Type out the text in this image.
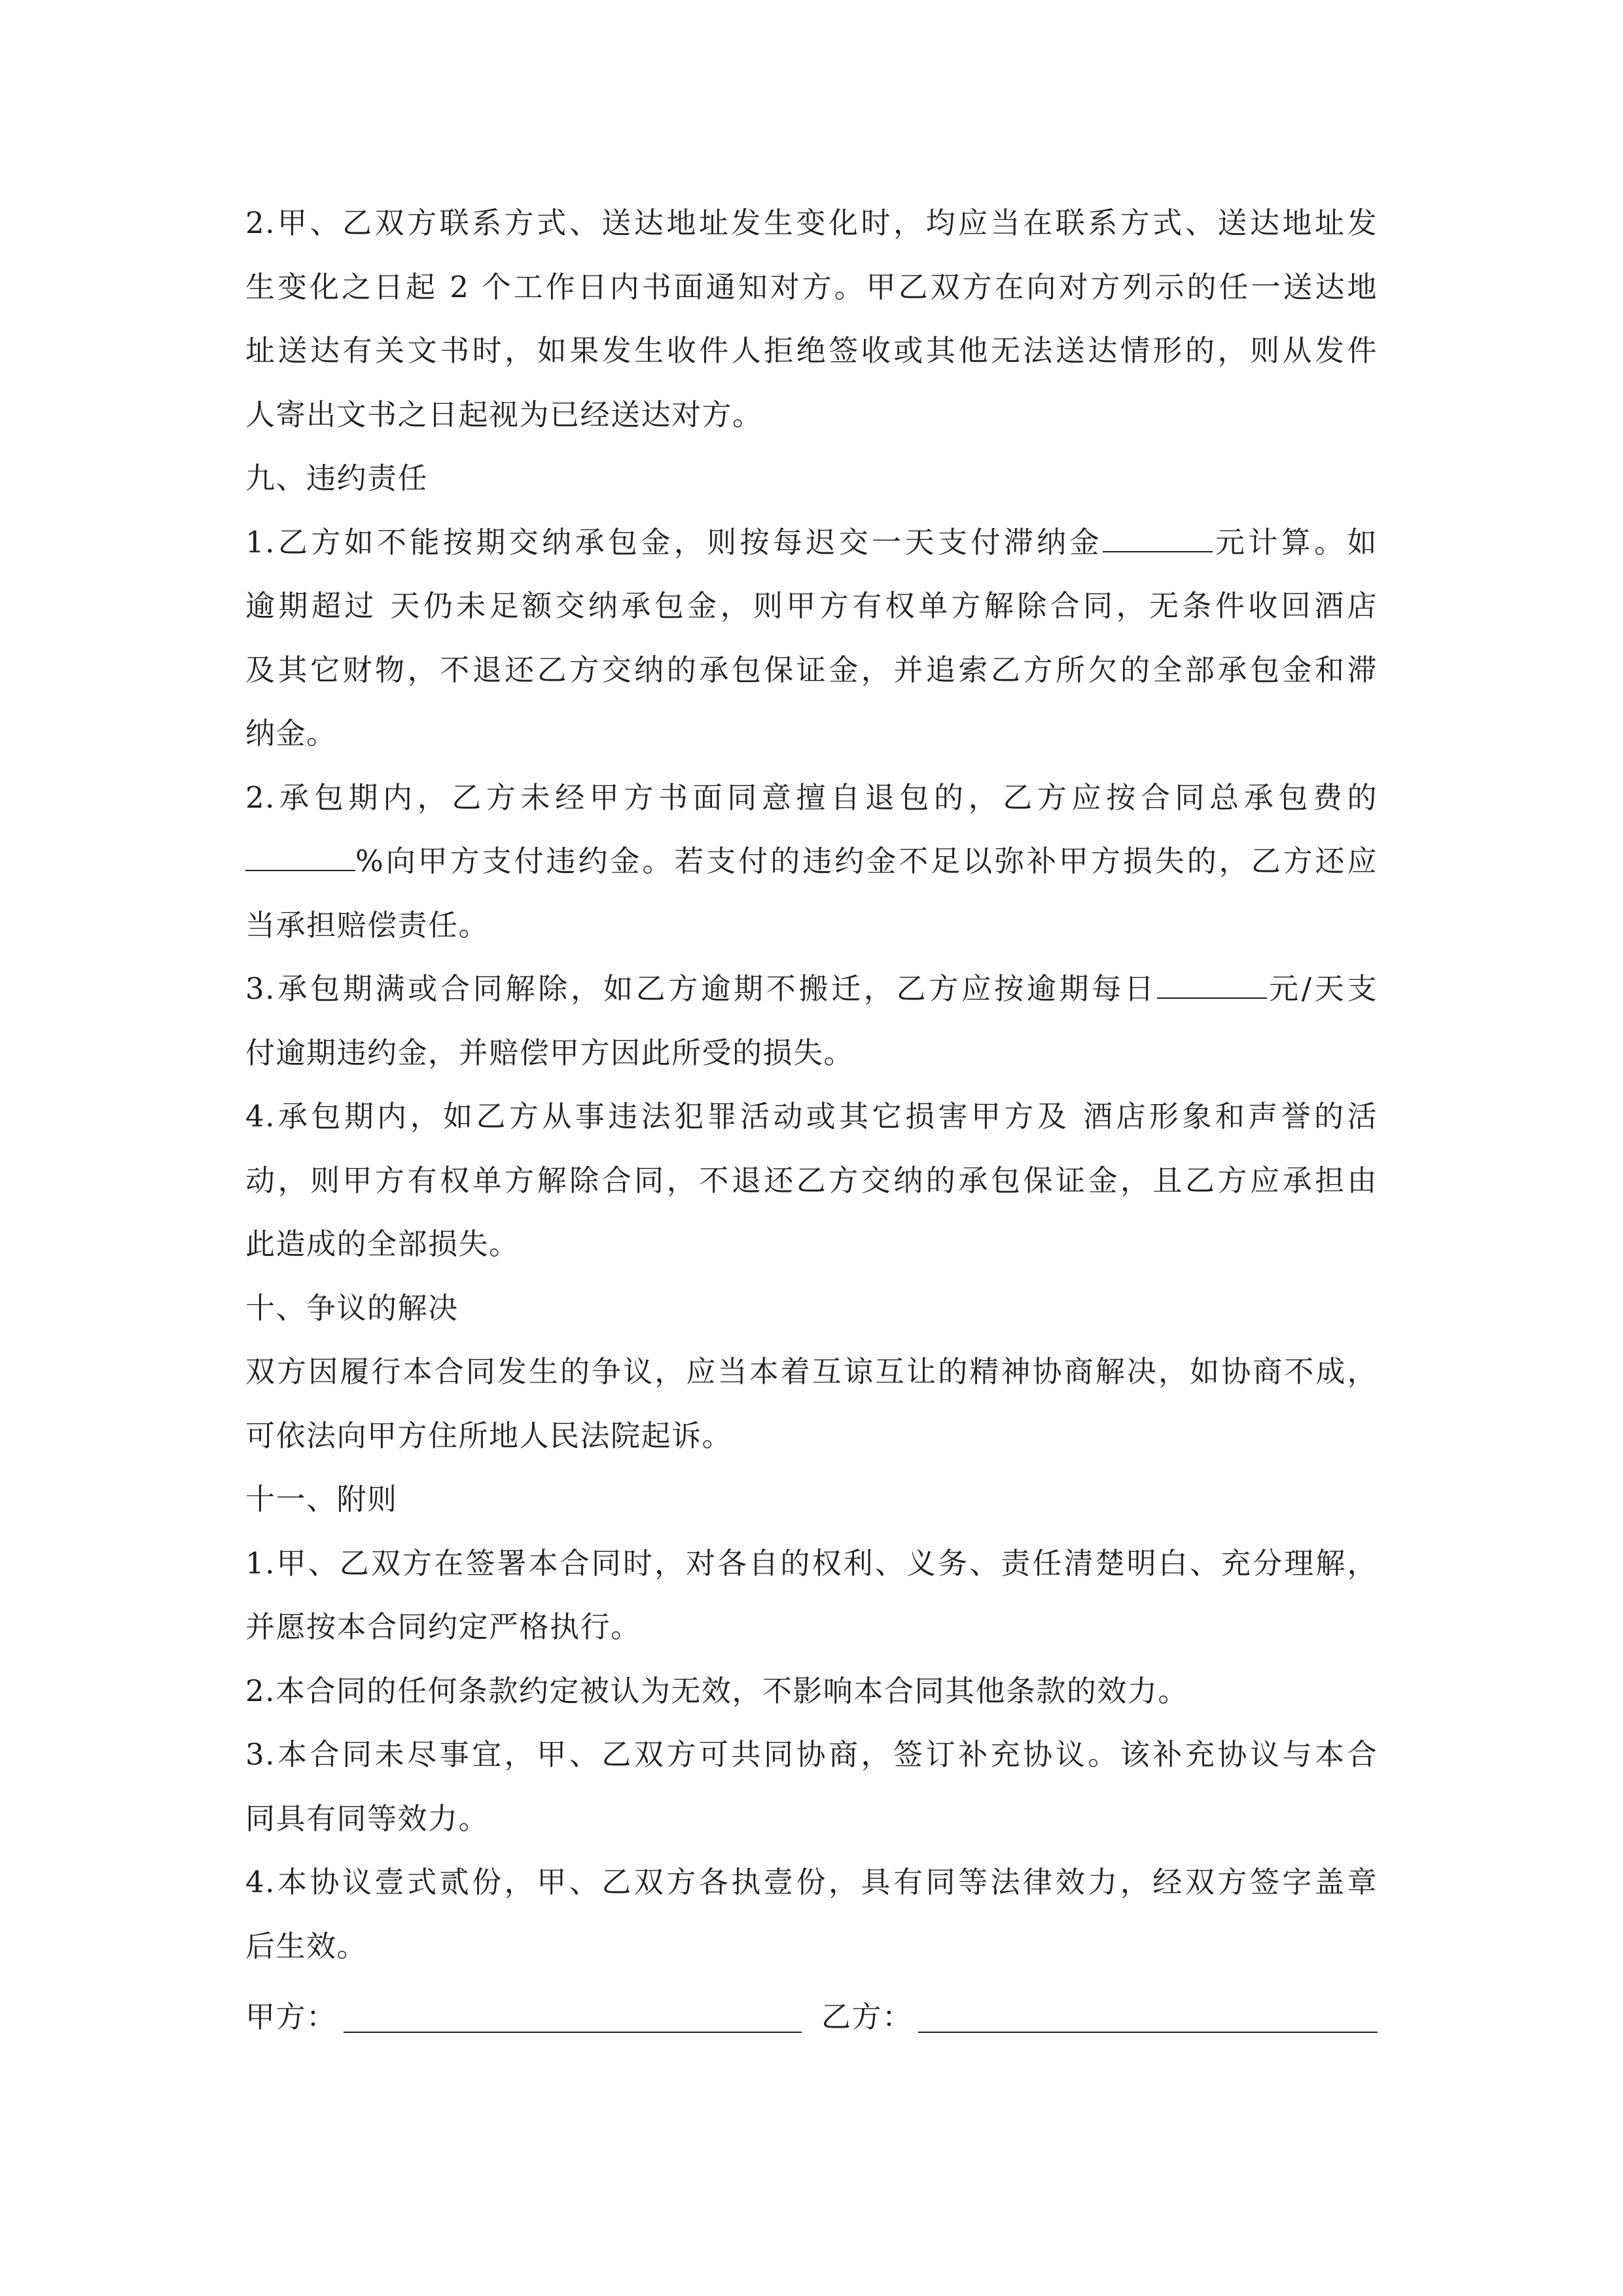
2.甲、乙双方联系方式、送达地址发生变化时，均应当在联系方式、送达地址发
生变化之日起 2 个工作日内书面通知对方。甲乙双方在向对方列示的任一送达地
址送达有关文书时，如果发生收件人拒绝签收或其他无法送达情形的，则从发件
人寄出文书之日起视为已经送达对方。
九、违约责任
1.乙方如不能按期交纳承包金，则按每迟交一天支付滞纳金	元计算。如
逾期超过 天仍未足额交纳承包金，则甲方有权单方解除合同，无条件收回酒店
及其它财物，不退还乙方交纳的承包保证金，并追索乙方所欠的全部承包金和滞
纳金。
2.承包期内，乙方未经甲方书面同意擅自退包的，乙方应按合同总承包费的
%向甲方支付违约金。若支付的违约金不足以弥补甲方损失的，乙方还应
当承担赔偿责任。
3.承包期满或合同解除，如乙方逾期不搬迁，乙方应按逾期每日	元/天支
付逾期违约金，并赔偿甲方因此所受的损失。
4.承包期内，如乙方从事违法犯罪活动或其它损害甲方及 酒店形象和声誉的活
动，则甲方有权单方解除合同，不退还乙方交纳的承包保证金，且乙方应承担由
此造成的全部损失。
十、争议的解决
双方因履行本合同发生的争议，应当本着互谅互让的精神协商解决，如协商不成，
可依法向甲方住所地人民法院起诉。
十一、附则
1.甲、乙双方在签署本合同时，对各自的权利、义务、责任清楚明白、充分理解，
并愿按本合同约定严格执行。
2.本合同的任何条款约定被认为无效，不影响本合同其他条款的效力。
3.本合同未尽事宜，甲、乙双方可共同协商，签订补充协议。该补充协议与本合
同具有同等效力。
4.本协议壹式贰份，甲、乙双方各执壹份，具有同等法律效力，经双方签字盖章
后生效。
甲方：	乙方：
